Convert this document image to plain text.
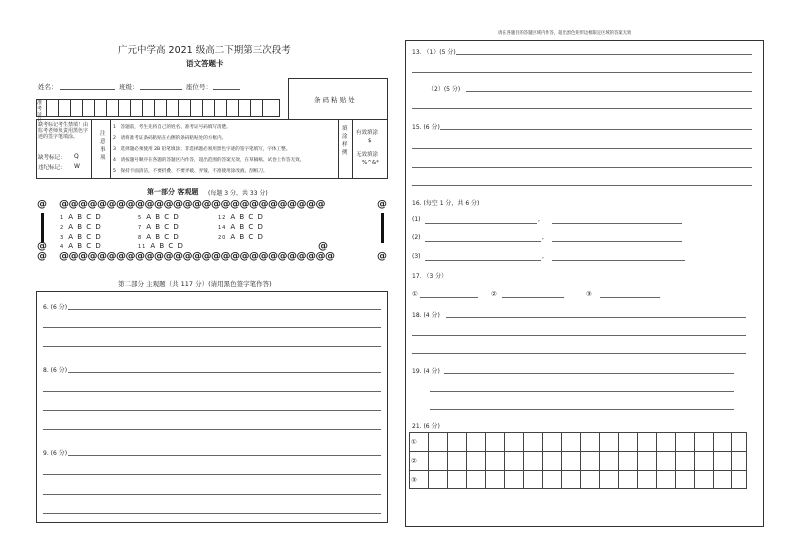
广元中学高 2021 级高二下期第三次段考
语文答题卡
姓名：	班级：	座位号：
条 码 粘 贴 处
准 考 证 号
缺考标记考生禁填！由监考老师负责用黑色字迹的签字笔填涂。
缺考标记： Q
违纪标记： W
注 意 事 项
1　答题前，考生先将自己的姓名、准考证号码填写清楚。
2　请将准考证条码粘贴在右侧的条码粘贴处的方框内。
3　选择题必须使用 2B 铅笔填涂；非选择题必须用黑色字迹的签字笔填写，字体工整。
4　请按题号顺序在各题的答题区内作答，超出范围的答案无效，在草稿纸、试卷上作答无效。
5　保持卡面清洁，不要折叠、不要弄破、弄皱，不准使用涂改液、刮纸刀。
填 涂 样 例
有效填涂
$
无效填涂
%^&*
第一部分 客观题 (每题 3 分，共 33 分)
@ @@@@@@@@@@@@@@@@@@@@@@@@@@@@	@
@	@
@ @@@@@@@@@@@@@@@@@@@@@@@@@@@@@	@
1 A B C D
2 A B C D
3 A B C D
4 A B C D
5 A B C D
7 A B C D
8 A B C D
11 A B C D
12 A B C D
14 A B C D
20 A B C D
第二部分 主观题（共 117 分）(请用黑色签字笔作答)
6. (6 分)
8. (6 分)
9. (6 分)
请在各题目的答题区域内作答，超出黑色矩形边框限定区域的答案无效
13. （1）(5 分)
（2）(5 分)
15. (6 分)
16. (每空 1 分，共 6 分)
(1)	,
(2)	,
(3)	,
17. （3 分）
①	②	③
18. (4 分)
19. (4 分)
21. (6 分)
①
②
③
